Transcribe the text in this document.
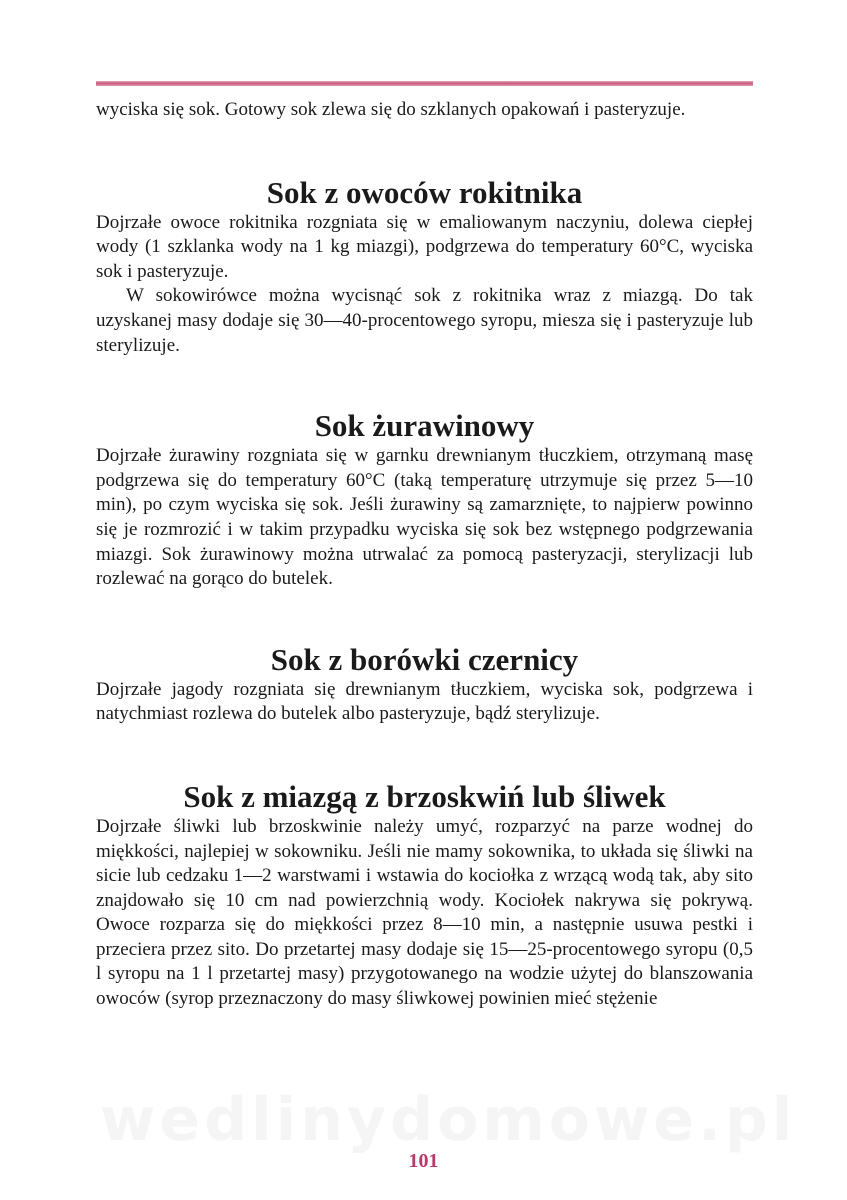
wyciska się sok. Gotowy sok zlewa się do szklanych opakowań i pasteryzuje.

Sok z owoców rokitnika

Dojrzałe owoce rokitnika rozgniata się w emaliowanym naczyniu, dolewa ciepłej wody (1 szklanka wody na 1 kg miazgi), podgrzewa do temperatury 60°C, wyciska sok i pasteryzuje.

W sokowirówce można wycisnąć sok z rokitnika wraz z miazgą. Do tak uzyskanej masy dodaje się 30—40-procentowego syropu, miesza się i pasteryzuje lub sterylizuje.

Sok żurawinowy

Dojrzałe żurawiny rozgniata się w garnku drewnianym tłuczkiem, otrzymaną masę podgrzewa się do temperatury 60°C (taką temperaturę utrzymuje się przez 5—10 min), po czym wyciska się sok. Jeśli żurawiny są zamarznięte, to najpierw powinno się je rozmrozić i w takim przypadku wyciska się sok bez wstępnego podgrzewania miazgi. Sok żurawinowy można utrwalać za pomocą pasteryzacji, sterylizacji lub rozlewać na gorąco do butelek.

Sok z borówki czernicy

Dojrzałe jagody rozgniata się drewnianym tłuczkiem, wyciska sok, podgrzewa i natychmiast rozlewa do butelek albo pasteryzuje, bądź sterylizuje.

Sok z miazgą z brzoskwiń lub śliwek

Dojrzałe śliwki lub brzoskwinie należy umyć, rozparzyć na parze wodnej do miękkości, najlepiej w sokowniku. Jeśli nie mamy sokownika, to układa się śliwki na sicie lub cedzaku 1—2 warstwami i wstawia do kociołka z wrzącą wodą tak, aby sito znajdowało się 10 cm nad powierzchnią wody. Kociołek nakrywa się pokrywą. Owoce rozparza się do miękkości przez 8—10 min, a następnie usuwa pestki i przeciera przez sito. Do przetartej masy dodaje się 15—25-procentowego syropu (0,5 l syropu na 1 l przetartej masy) przygotowanego na wodzie użytej do blanszowania owoców (syrop przeznaczony do masy śliwkowej powinien mieć stężenie

wedlinydomowe.pl
101
